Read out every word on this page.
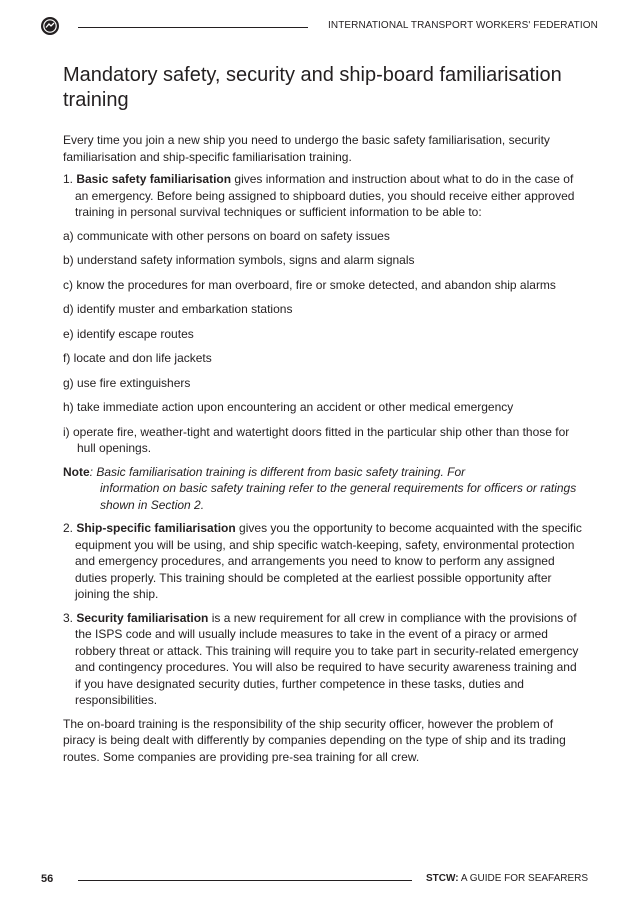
INTERNATIONAL TRANSPORT WORKERS' FEDERATION
Mandatory safety, security and ship-board familiarisation training

Every time you join a new ship you need to undergo the basic safety familiarisation, security familiarisation and ship-specific familiarisation training.

1. Basic safety familiarisation gives information and instruction about what to do in the case of an emergency. Before being assigned to shipboard duties, you should receive either approved training in personal survival techniques or sufficient information to be able to:

a) communicate with other persons on board on safety issues

b) understand safety information symbols, signs and alarm signals

c) know the procedures for man overboard, fire or smoke detected, and abandon ship alarms

d) identify muster and embarkation stations

e) identify escape routes

f) locate and don life jackets

g) use fire extinguishers

h) take immediate action upon encountering an accident or other medical emergency

i) operate fire, weather-tight and watertight doors fitted in the particular ship other than those for hull openings.

Note: Basic familiarisation training is different from basic safety training. For
information on basic safety training refer to the general requirements for officers or ratings shown in Section 2.

2. Ship-specific familiarisation gives you the opportunity to become acquainted with the specific equipment you will be using, and ship specific watch-keeping, safety, environmental protection and emergency procedures, and arrangements you need to know to perform any assigned duties properly. This training should be completed at the earliest possible opportunity after joining the ship.

3. Security familiarisation is a new requirement for all crew in compliance with the provisions of the ISPS code and will usually include measures to take in the event of a piracy or armed robbery threat or attack. This training will require you to take part in security-related emergency and contingency procedures. You will also be required to have security awareness training and if you have designated security duties, further competence in these tasks, duties and responsibilities.

The on-board training is the responsibility of the ship security officer, however the problem of piracy is being dealt with differently by companies depending on the type of ship and its trading routes. Some companies are providing pre-sea training for all crew.

56	STCW: A GUIDE FOR SEAFARERS
